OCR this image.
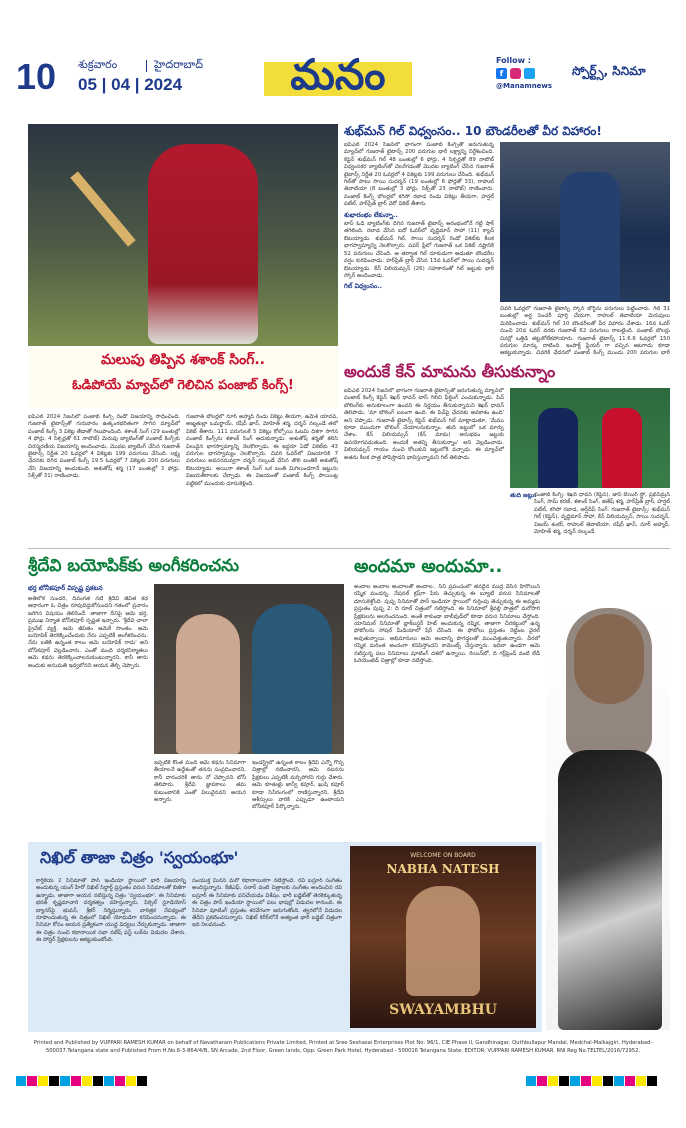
10	శుక్రవారం	హైదరాబాద్
05 | 04 | 2024	మనం	Follow :
f
@Manamnews
స్పోర్ట్స్, సినిమా
శుభ్‌మన్ గిల్ విధ్వంసం.. 10 బౌండరీలతో వీర విహారం!

ఐపీఎల్ 2024 సీజన్‌లో భాగంగా పంజాబ్ కింగ్స్‌తో జరుగుతున్న మ్యాచ్‌లో గుజరాత్ టైటాన్స్ 200 పరుగుల భారీ లక్ష్యాన్ని నిర్దేశించింది. కెప్టెన్ శుభ్‌మన్ గిల్ 48 బంతుల్లో 6 ఫోర్లు, 4 సిక్సర్లతో 89 నాటౌట్ విధ్వంసకర బ్యాటింగ్‌తో చెలరేగడంతో మొదట బ్యాటింగ్ చేసిన గుజరాత్ టైటాన్స్ నిర్ణీత 20 ఓవర్లలో 4 వికెట్లకు 199 పరుగులు చేసింది. శుభ్‌మన్ గిల్‌తో పాటు సాయి సుదర్శన్ (19 బంతుల్లో 6 ఫోర్లతో 33), రాహుల్ తెవాటియా (8 బంతుల్లో 3 ఫోర్లు, సిక్స్‌తో 23 నాటౌట్) రాణించారు. పంజాబ్ కింగ్స్ బౌలర్లలో కగిసో రబాడ రెండు వికెట్లు తీయగా, హర్షల్ పటేల్, హర్‌ప్రీత్ బ్రార్ చెరో వికెట్ తీశారు.

శుభారంభం లేకున్నా..

టాస్ ఓడి బ్యాటింగ్‌కు దిగిన గుజరాత్ టైటాన్స్ ఆరంభంలోనే గట్టి షాక్ తగిలింది. రబాడ వేసిన ఐదో ఓవర్‌లో వృద్ధిమాన్ సాహా (11) క్యాచ్ ఔటయ్యాడు. శుభ్‌మన్ గిల్, సాయి సుదర్శన్ రెండో వికెట్‌కు కీలక భాగస్వామ్యాన్ని నెలకొల్పారు. పవర్ ప్లేలో గుజరాత్ ఒక వికెట్ నష్టానికి 52 పరుగులు చేసింది. ఆ తర్వాత గిల్ దూకుడుగా ఆడుతూ బౌండరీల వర్షం కురిపించాడు. హర్‌ప్రీత్ బ్రార్ వేసిన 13వ ఓవర్‌లో సాయి సుదర్శన్ ఔటయ్యాడు. కేన్ విలియమ్సన్ (26) సహకారంతో గిల్ జట్టుకు భారీ స్కోర్ అందించాడు.

గిల్ విధ్వంసం..

చివరి ఓవర్లలో గుజరాత్ టైటాన్స్ స్కోర్ బోర్డ్‌ను పరుగులు పెట్టించారు. గిల్ 31 బంతుల్లో అర్ధ సెంచరీ పూర్తి చేయగా, రాహుల్ తెవాటియా మెరుపులు మెరిపించాడు. శుభ్‌మన్ గిల్ 10 బౌండరీలతో వీర విహారం చేశాడు. 16వ ఓవర్ నుంచి 20వ ఓవర్ వరకు గుజరాత్ 62 పరుగులు రాబట్టింది. పంజాబ్ బౌలర్లు చివర్లో ఒత్తిడి తట్టుకోలేకపోయారు. గుజరాత్ టైటాన్స్ 11.6.6 ఓవర్లలో 150 పరుగుల మార్కు దాటింది. ఇంపాక్ట్ ప్లేయర్ గా వచ్చిన ఆటగాడు కూడా ఆకట్టుకున్నాడు. చివరికి ఛేదనలో పంజాబ్ కింగ్స్ ముందు 200 పరుగుల భారీ

అందుకే కేన్ మామను తీసుకున్నాం

ఐపీఎల్ 2024 సీజన్‌లో భాగంగా గుజరాత్ టైటాన్స్‌తో జరుగుతున్న మ్యాచ్‌లో పంజాబ్ కింగ్స్ కెప్టెన్ శిఖర్ ధావన్ టాస్ గెలిచి ఫీల్డింగ్ ఎంచుకున్నాడు. పిచ్ బౌలింగ్‌కు అనుకూలంగా ఉందని ఈ నిర్ణయం తీసుకున్నామని శిఖర్ ధావన్ తెలిపాడు. 'మా బౌలింగ్ బలంగా ఉంది. ఈ పిచ్‌పై ఛేదనకు అవకాశం ఉంది' అని చెప్పాడు. గుజరాత్ టైటాన్స్ కెప్టెన్ శుభ్‌మన్ గిల్ మాట్లాడుతూ, 'మేము కూడా ముందుగా బౌలింగ్ చేయాలనుకున్నాం. తుది జట్టులో ఒక మార్పు చేశాం. కేన్ విలియమ్సన్ (కేన్ మామ) అనుభవం జట్టుకు ఉపయోగపడుతుంది. అందుకే అతన్ని తీసుకున్నాం' అని వెల్లడించాడు. విలియమ్సన్ గాయం నుంచి కోలుకుని జట్టులోకి వచ్చాడు. ఈ మ్యాచ్‌లో అతను కీలక పాత్ర పోషిస్తాడని భావిస్తున్నామని గిల్ తెలిపాడు.

తుది జట్లు:

పంజాబ్ కింగ్స్: శిఖర్ ధావన్ (కెప్టెన్), జానీ బెయిర్ స్టో, ప్రభ్‌సిమ్రన్ సింగ్, సామ్ కరణ్, శశాంక్ సింగ్, జితేష్ శర్మ, హర్‌ప్రీత్ బ్రార్, హర్షల్ పటేల్, కగిసో రబాడ, అర్ష్‌దీప్ సింగ్. గుజరాత్ టైటాన్స్: శుభ్‌మన్ గిల్ (కెప్టెన్), వృద్ధిమాన్ సాహా, కేన్ విలియమ్సన్, సాయి సుదర్శన్, విజయ్ శంకర్, రాహుల్ తెవాటియా, రషీద్ ఖాన్, నూర్ అహ్మద్, మోహిత్ శర్మ, దర్శన్ నల్కండే.

మలుపు తిప్పిన శశాంక్ సింగ్..
ఓడిపోయే మ్యాచ్‌లో గెలిచిన పంజాబ్ కింగ్స్!

ఐపీఎల్ 2024 సీజన్‌లో పంజాబ్ కింగ్స్ రెండో విజయాన్ని సాధించింది. గుజరాత్ టైటాన్స్‌తో గురువారం ఉత్కంఠభరితంగా సాగిన మ్యాచ్‌లో పంజాబ్ కింగ్స్ 3 వికెట్ల తేడాతో గెలుపొందింది. శశాంక్ సింగ్ (29 బంతుల్లో 4 ఫోర్లు, 4 సిక్సర్లతో 61 నాటౌట్) మెరుపు బ్యాటింగ్‌తో పంజాబ్ కింగ్స్‌కు చిరస్మరణీయ విజయాన్ని అందించాడు. మొదట బ్యాటింగ్ చేసిన గుజరాత్ టైటాన్స్ నిర్ణీత 20 ఓవర్లలో 4 వికెట్లకు 199 పరుగులు చేసింది. లక్ష్య ఛేదనకు దిగిన పంజాబ్ కింగ్స్ 19.5 ఓవర్లలో 7 వికెట్లకు 200 పరుగులు చేసి విజయాన్ని అందుకుంది. అశుతోష్ శర్మ (17 బంతుల్లో 3 ఫోర్లు, సిక్స్‌తో 31) రాణించాడు.

గుజరాత్ బౌలర్లలో నూర్ అహ్మద్ రెండు వికెట్లు తీయగా, ఉమేశ్ యాదవ్, అజ్మతుల్లా ఒమర్జాయ్, రషీద్ ఖాన్, మోహిత్ శర్మ, దర్శన్ నల్కండే తలో వికెట్ తీశారు. 111 పరుగులకే 5 వికెట్లు కోల్పోయి ఓటమి దిశగా సాగిన పంజాబ్ కింగ్స్‌ను శశాంక్ సింగ్ ఆదుకున్నాడు. అశుతోష్ శర్మతో కలిసి విలువైన భాగస్వామ్యాన్ని నెలకొల్పాడు. ఈ ఇద్దరూ ఏడో వికెట్‌కు 43 పరుగుల భాగస్వామ్యం నెలకొల్పారు. చివరి ఓవర్‌లో విజయానికి 7 పరుగులు అవసరమవ్వగా దర్శన్ నల్కండే వేసిన తొలి బంతికే అశుతోష్ ఔటయ్యాడు. అయినా శశాంక్ సింగ్ ఒక బంతి మిగిలుండగానే జట్టును విజయతీరాలకు చేర్చాడు. ఈ విజయంతో పంజాబ్ కింగ్స్ పాయింట్ల పట్టికలో ముందుకు దూసుకెళ్లింది.

శ్రీదేవి బయోపిక్‌కు అంగీకరించను
భర్త బోనీకపూర్ విస్పష్ట ప్రకటన

అతిలోక సుందరి, దివంగత నటి శ్రీదేవి జీవిత కథ ఆధారంగా ఓ చిత్రం రూపుదిద్దుకోనుందని గతంలో ప్రచారం జరిగిన విషయం తెలిసిందే. తాజాగా దీనిపై ఆమె భర్త, ప్రముఖ నిర్మాత బోనీకపూర్ స్పష్టత ఇచ్చారు. 'శ్రీదేవి చాలా ప్రైవేట్ వ్యక్తి. ఆమె జీవితం ఆమెకే సొంతం. ఆమె బయోపిక్ తెరకెక్కించేందుకు నేను ఎప్పటికీ అంగీకరించను. నేను బతికి ఉన్నంత కాలం ఆమె బయోపిక్ రాదు' అని బోనీకపూర్ వెల్లడించారు. ఎంతో మంది దర్శకనిర్మాతలు ఆమె కథను తెరకెక్కించాలనుకుంటున్నారని, కానీ తాను అందుకు అనుమతి ఇవ్వబోనని ఆయన తేల్చి చెప్పారు.

ఇప్పటికే కొంత మంది ఆమె కథను సినిమాగా తీయాలనే ఉద్దేశంతో తనను సంప్రదించారని, కానీ వారందరికీ తాను నో చెప్పానని బోనీ తెలిపారు. శ్రీదేవి జ్ఞాపకాలు తమ కుటుంబానికి ఎంతో విలువైనవని ఆయన అన్నారు.

ఇండస్ట్రీలో ఉన్నంత కాలం శ్రీదేవి ఎన్నో గొప్ప చిత్రాల్లో నటించారని, ఆమె నటనను ప్రేక్షకులు ఎప్పటికీ మర్చిపోరని గుర్తు చేశారు. ఆమె కూతుళ్లు జాన్వీ కపూర్, ఖుషీ కపూర్ కూడా సినీరంగంలో రాణిస్తున్నారని, శ్రీదేవి ఆశీస్సులు వారికి ఎప్పుడూ ఉంటాయని బోనీకపూర్ పేర్కొన్నారు.

అందమా అందుమా..

అందాల అందాల అందాలతో అందాల.. సినీ ప్రపంచంలో తనదైన ముద్ర వేసిన హీరోయిన్ రష్మిక మందన్న. నేషనల్ క్రష్‌గా పేరు తెచ్చుకున్న ఈ బ్యూటీ వరుస సినిమాలతో దూసుకెళ్తోంది. పుష్ప సినిమాతో పాన్ ఇండియా స్థాయిలో గుర్తింపు తెచ్చుకున్న ఈ అమ్మడు ప్రస్తుతం పుష్ప 2: ది రూల్ చిత్రంలో నటిస్తోంది. ఈ సినిమాలో శ్రీవల్లి పాత్రలో మరోసారి ప్రేక్షకులను అలరించనుంది. అంతే కాకుండా బాలీవుడ్‌లో కూడా వరుస సినిమాలు చేస్తోంది. యానిమల్ సినిమాతో బ్లాక్‌బస్టర్ హిట్ అందుకున్న రష్మిక, తాజాగా చీరకట్టులో ఉన్న ఫోటోలను సోషల్ మీడియాలో షేర్ చేసింది. ఈ ఫోటోలు ప్రస్తుతం నెట్టింట వైరల్ అవుతున్నాయి. అభిమానులు ఆమె అందాన్ని పొగడ్తలతో ముంచెత్తుతున్నారు. చీరలో రష్మిక మరింత అందంగా కనిపిస్తోందని కామెంట్స్ చేస్తున్నారు. ఇదిలా ఉండగా ఆమె నటిస్తున్న పలు సినిమాలు షూటింగ్ దశలో ఉన్నాయి. రెయిన్‌బో, ది గర్ల్‌ఫ్రెండ్ వంటి లేడీ ఓరియెంటెడ్ చిత్రాల్లో కూడా నటిస్తోంది.

నిఖిల్ తాజా చిత్రం 'స్వయంభూ'

కార్తికేయ 2 సినిమాతో పాన్ ఇండియా స్థాయిలో భారీ విజయాన్ని అందుకున్న యంగ్ హీరో నిఖిల్ సిద్ధార్థ్ ప్రస్తుతం వరుస సినిమాలతో బిజీగా ఉన్నాడు. తాజాగా ఆయన నటిస్తున్న చిత్రం 'స్వయంభూ'. ఈ సినిమాకు భరత్ కృష్ణమాచారి దర్శకత్వం వహిస్తున్నారు. పిక్సెల్ స్టూడియోస్ బ్యానర్‌పై భువన్, శ్రీకర్ నిర్మిస్తున్నారు. చారిత్రక నేపథ్యంలో రూపొందుతున్న ఈ చిత్రంలో నిఖిల్ యోధుడిగా కనిపించనున్నాడు. ఈ సినిమా కోసం ఆయన ప్రత్యేకంగా యుద్ధ విద్యలు నేర్చుకున్నాడు. తాజాగా ఈ చిత్రం నుంచి కథానాయిక నభా నటేష్ ఫస్ట్ లుక్‌ను విడుదల చేశారు. ఈ పోస్టర్ ప్రేక్షకులను ఆకట్టుకుంటోంది.

సంయుక్త మీనన్ మరో కథానాయికగా నటిస్తోంది. రవి బస్రూర్ సంగీతం అందిస్తున్నారు. కేజీఎఫ్, సలార్ వంటి చిత్రాలకు సంగీతం అందించిన రవి బస్రూర్ ఈ సినిమాకు పనిచేయడం విశేషం. భారీ బడ్జెట్‌తో తెరకెక్కుతున్న ఈ చిత్రం పాన్ ఇండియా స్థాయిలో పలు భాషల్లో విడుదల కానుంది. ఈ సినిమా షూటింగ్ ప్రస్తుతం శరవేగంగా జరుగుతోంది. త్వరలోనే విడుదల తేదీని ప్రకటించనున్నారు. నిఖిల్ కెరీర్‌లోనే అత్యంత భారీ బడ్జెట్ చిత్రంగా ఇది నిలవనుంది.

WELCOME ON BOARD
NABHA NATESH
SWAYAMBHU
Printed and Published by VUPPARI RAMESH KUMAR on behalf of Navatharam Publications Private Limited, Printed at Sree Seshasai Enterprises Plot No: 96/1, CIE Phase II, Gandhinagar, Quthbullapur Mandal, Medchal-Malkajgiri, Hyderabad-500037.Telangana state and Published From H.No.6-3-864/4/B, SN Arcade, 2nd Floor, Green lands, Opp: Green Park Hotel, Hyderabad - 500016 Telangana State. EDITOR: VUPPARI RAMESH KUMAR. RNI Reg No.TELTEL/2016/72952.
